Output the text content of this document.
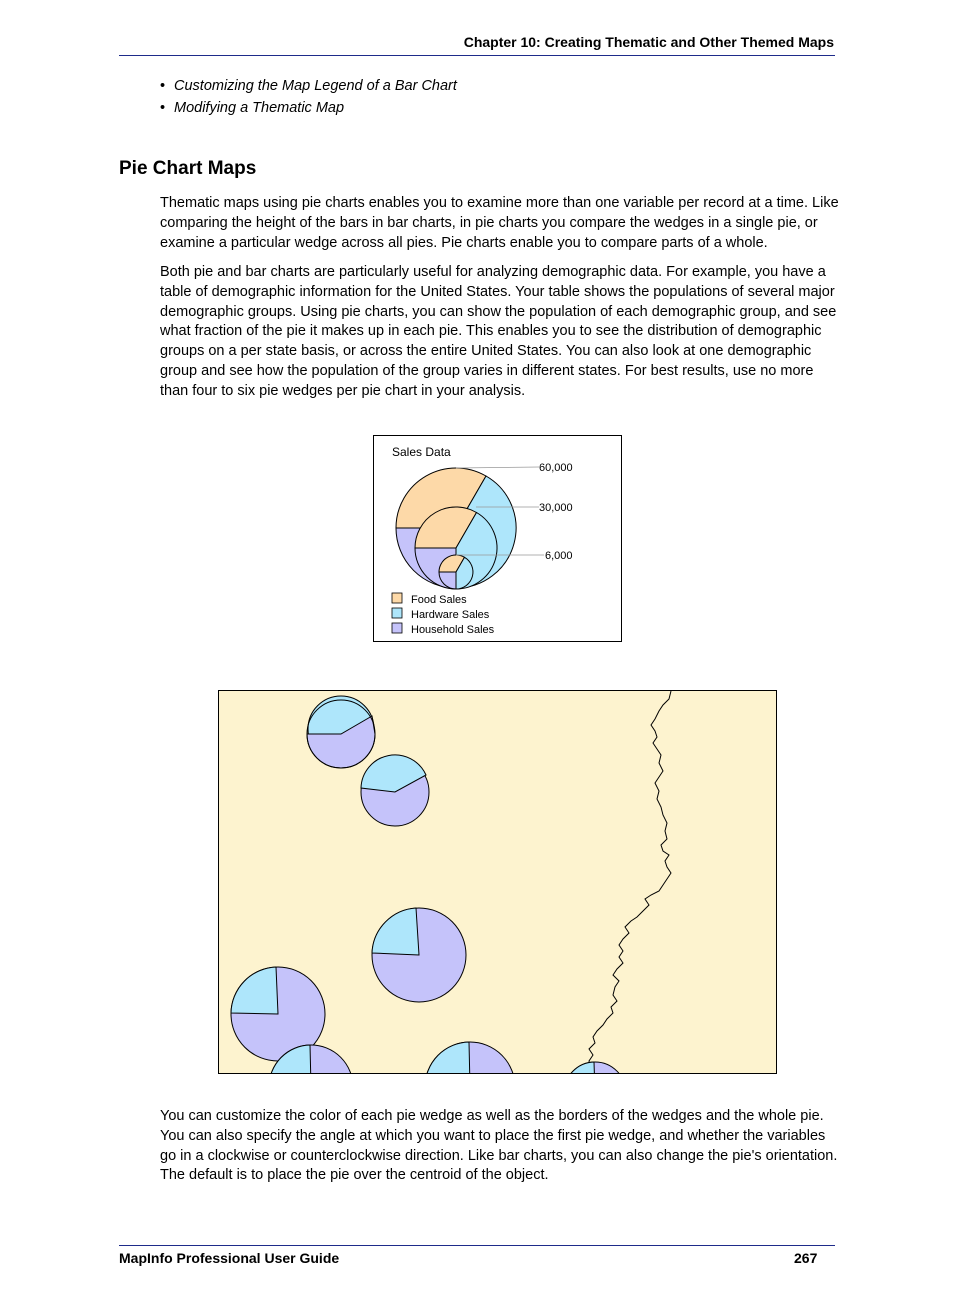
Chapter 10: Creating Thematic and Other Themed Maps
• Customizing the Map Legend of a Bar Chart
• Modifying a Thematic Map
Pie Chart Maps

Thematic maps using pie charts enables you to examine more than one variable per record at a time. Like comparing the height of the bars in bar charts, in pie charts you compare the wedges in a single pie, or examine a particular wedge across all pies. Pie charts enable you to compare parts of a whole.

Both pie and bar charts are particularly useful for analyzing demographic data. For example, you have a table of demographic information for the United States. Your table shows the populations of several major demographic groups. Using pie charts, you can show the population of each demographic group, and see what fraction of the pie it makes up in each pie. This enables you to see the distribution of demographic groups on a per state basis, or across the entire United States. You can also look at one demographic group and see how the population of the group varies in different states. For best results, use no more than four to six pie wedges per pie chart in your analysis.

Sales Data
60,000
30,000
6,000
Food Sales
Hardware Sales
Household Sales

You can customize the color of each pie wedge as well as the borders of the wedges and the whole pie. You can also specify the angle at which you want to place the first pie wedge, and whether the variables go in a clockwise or counterclockwise direction. Like bar charts, you can also change the pie's orientation. The default is to place the pie over the centroid of the object.

MapInfo Professional User Guide	267
